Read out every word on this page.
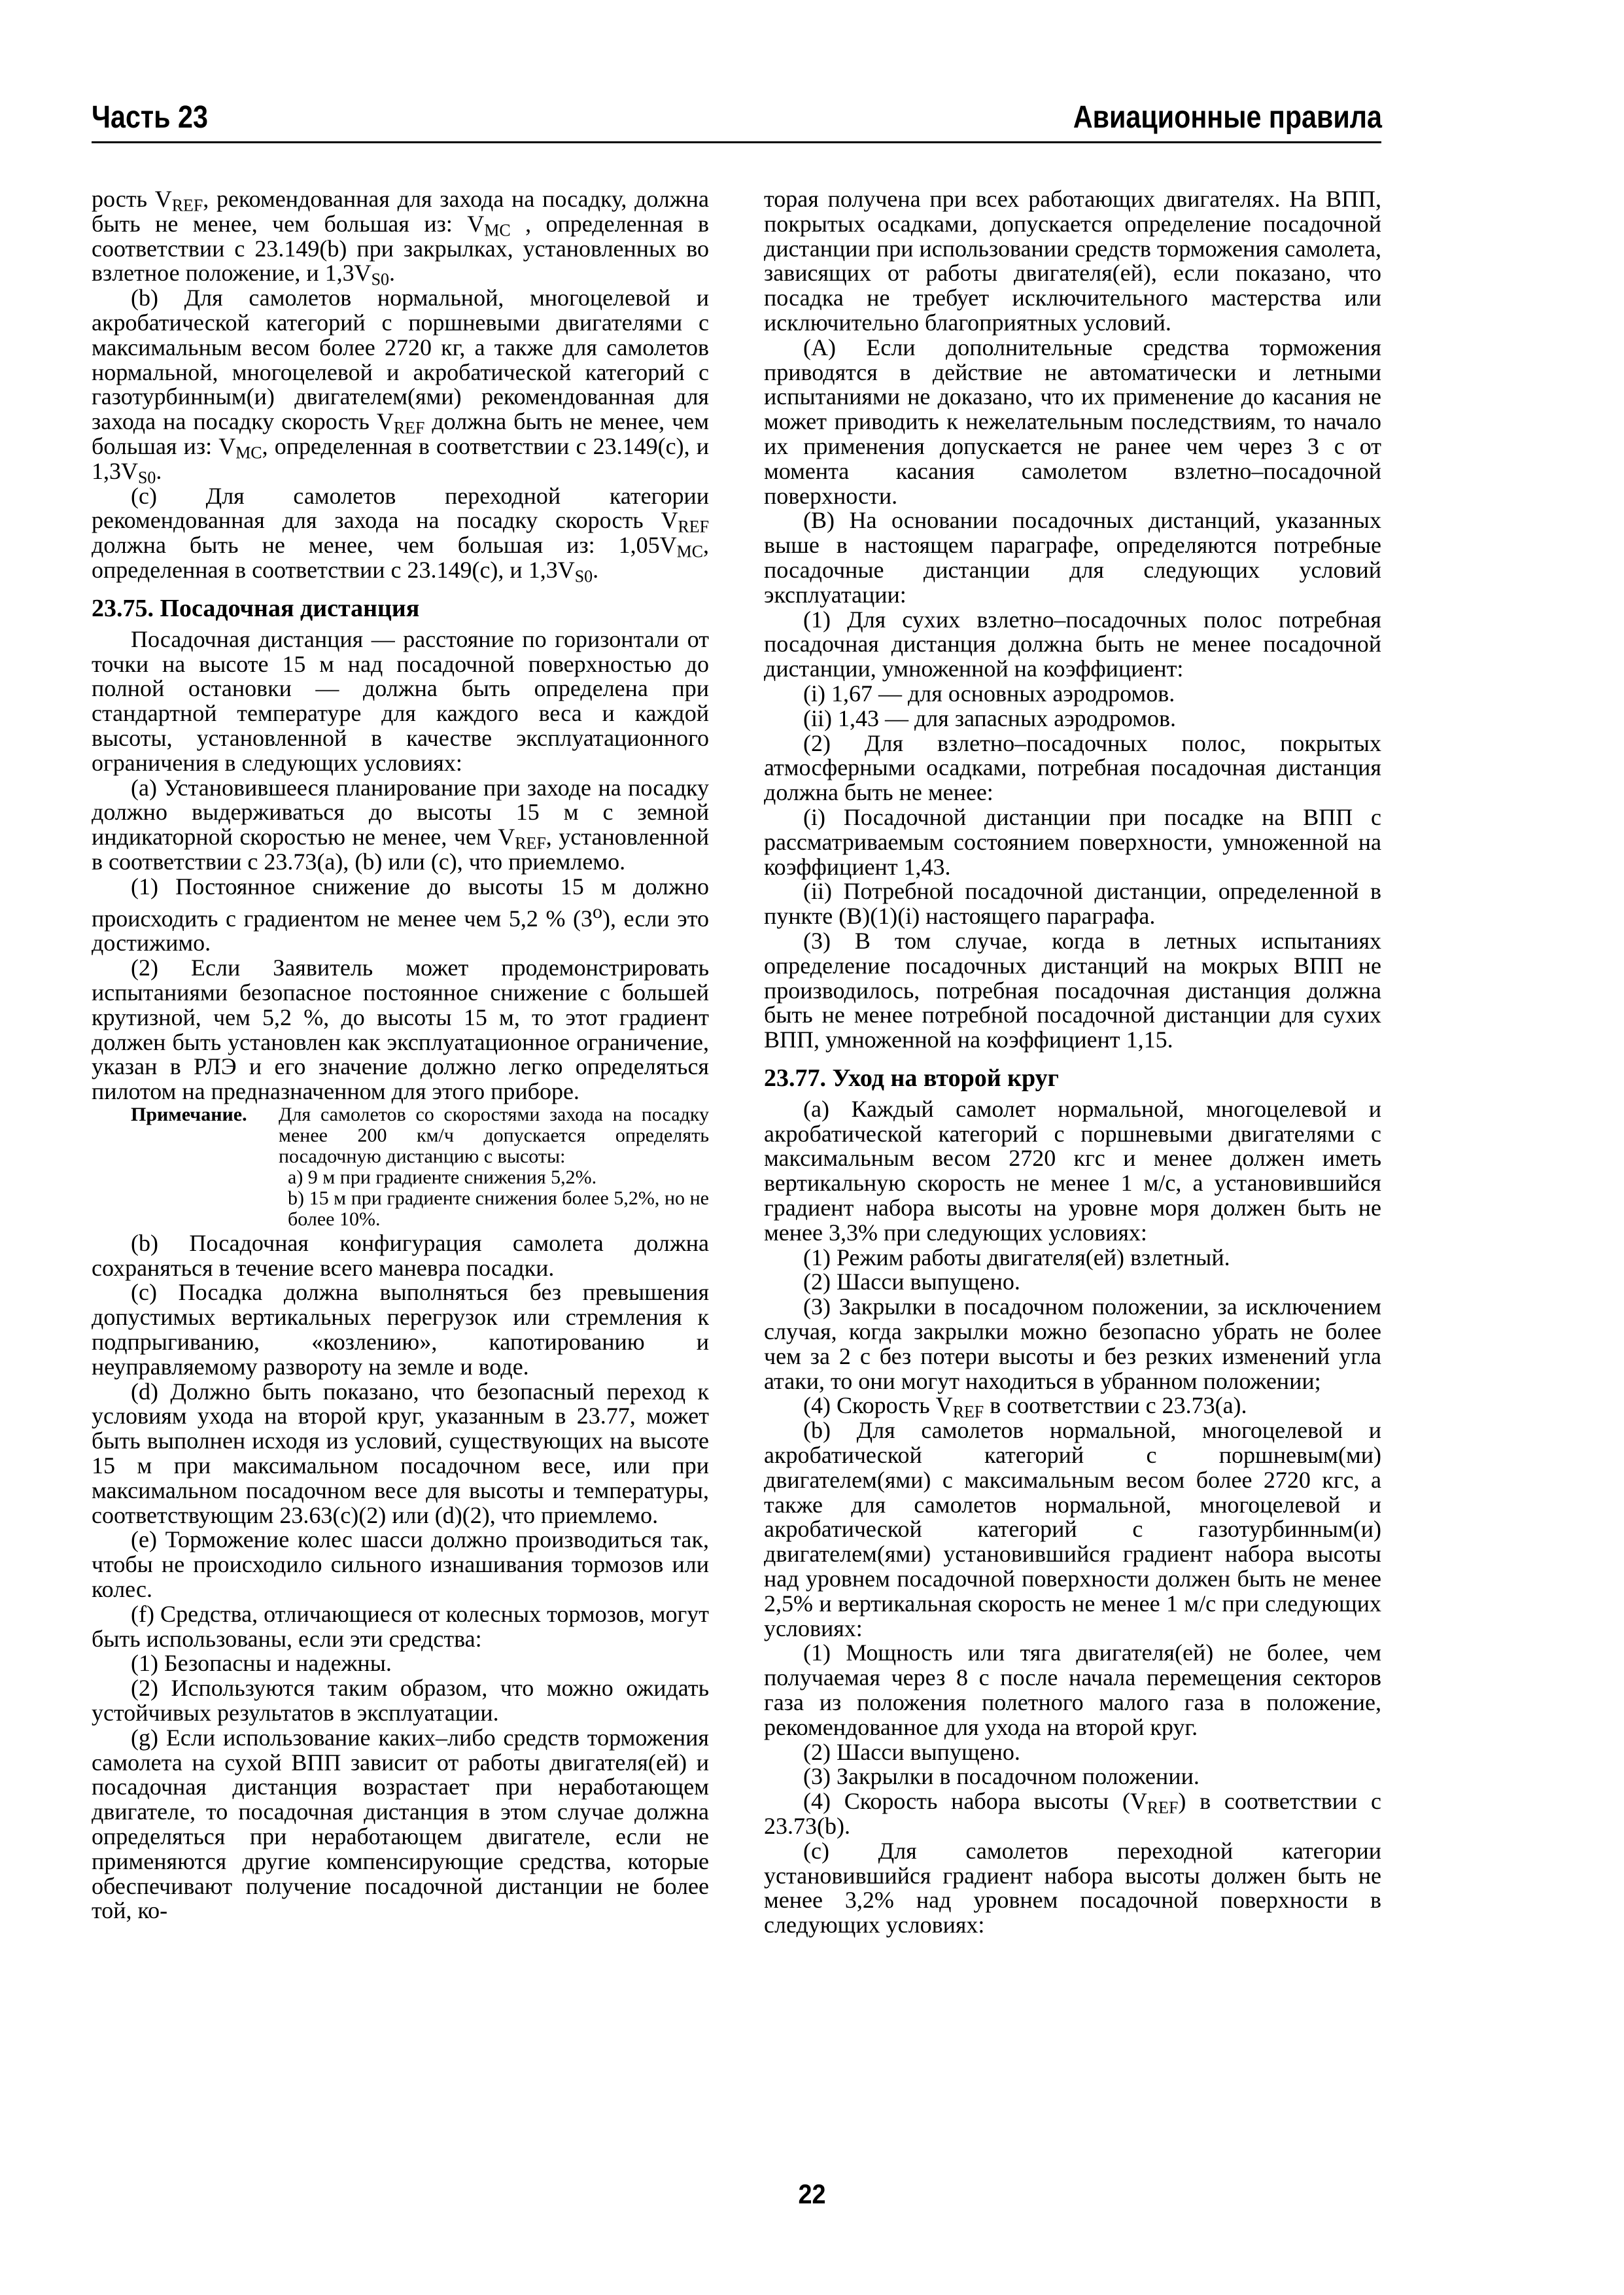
Часть 23	Авиационные правила

рость $V_{REF}$, рекомендованная для захода на посадку, должна быть не менее, чем большая из: $V_{MC}$ , определенная в соответствии с 23.149(b) при закрылках, установленных во взлетное положение, и $1,3V_{S0}$.

(b) Для самолетов нормальной, многоцелевой и акробатической категорий с поршневыми двигателями с максимальным весом более 2720 кг, а также для самолетов нормальной, многоцелевой и акробатической категорий с газотурбинным(и) двигателем(ями) рекомендованная для захода на посадку скорость $V_{REF}$ должна быть не менее, чем большая из: $V_{MC}$, определенная в соответствии с 23.149(с), и $1,3V_{S0}$.

(с) Для самолетов переходной категории рекомендованная для захода на посадку скорость $V_{REF}$ должна быть не менее, чем большая из: $1,05V_{MC}$, определенная в соответствии с 23.149(с), и $1,3V_{S0}$.

23.75. Посадочная дистанция

Посадочная дистанция — расстояние по горизонтали от точки на высоте 15 м над посадочной поверхностью до полной остановки — должна быть определена при стандартной температуре для каждого веса и каждой высоты, установленной в качестве эксплуатационного ограничения в следующих условиях:

(a) Установившееся планирование при заходе на посадку должно выдерживаться до высоты 15 м с земной индикаторной скоростью не менее, чем $V_{REF}$, установленной в соответствии с 23.73(a), (b) или (с), что приемлемо.

(1) Постоянное снижение до высоты 15 м должно происходить с градиентом не менее чем 5,2 % (3$^o$), если это достижимо.

(2) Если Заявитель может продемонстрировать испытаниями безопасное постоянное снижение с большей крутизной, чем 5,2 %, до высоты 15 м, то этот градиент должен быть установлен как эксплуатационное ограничение, указан в РЛЭ и его значение должно легко определяться пилотом на предназначенном для этого приборе.

Примечание.	Для самолетов со скоростями захода на посадку менее 200 км/ч допускается определять посадочную дистанцию с высоты:

a) 9 м при градиенте снижения 5,2%.

b) 15 м при градиенте снижения более 5,2%, но не более 10%.

(b) Посадочная конфигурация самолета должна сохраняться в течение всего маневра посадки.

(c) Посадка должна выполняться без превышения допустимых вертикальных перегрузок или стремления к подпрыгиванию, «козлению», капотированию и неуправляемому развороту на земле и воде.

(d) Должно быть показано, что безопасный переход к условиям ухода на второй круг, указанным в 23.77, может быть выполнен исходя из условий, существующих на высоте 15 м при максимальном посадочном весе, или при максимальном посадочном весе для высоты и температуры, соответствующим 23.63(c)(2) или (d)(2), что приемлемо.

(e) Торможение колес шасси должно производиться так, чтобы не происходило сильного изнашивания тормозов или колес.

(f) Средства, отличающиеся от колесных тормозов, могут быть использованы, если эти средства:

(1) Безопасны и надежны.

(2) Используются таким образом, что можно ожидать устойчивых результатов в эксплуатации.

(g) Если использование каких–либо средств торможения самолета на сухой ВПП зависит от работы двигателя(ей) и посадочная дистанция возрастает при неработающем двигателе, то посадочная дистанция в этом случае должна определяться при неработающем двигателе, если не применяются другие компенсирующие средства, которые обеспечивают получение посадочной дистанции не более той, ко-

торая получена при всех работающих двигателях. На ВПП, покрытых осадками, допускается определение посадочной дистанции при использовании средств торможения самолета, зависящих от работы двигателя(ей), если показано, что посадка не требует исключительного мастерства или исключительно благоприятных условий.

(A) Если дополнительные средства торможения приводятся в действие не автоматически и летными испытаниями не доказано, что их применение до касания не может приводить к нежелательным последствиям, то начало их применения допускается не ранее чем через 3 с от момента касания самолетом взлетно–посадочной поверхности.

(B) На основании посадочных дистанций, указанных выше в настоящем параграфе, определяются потребные посадочные дистанции для следующих условий эксплуатации:

(1) Для сухих взлетно–посадочных полос потребная посадочная дистанция должна быть не менее посадочной дистанции, умноженной на коэффициент:

(i) 1,67 — для основных аэродромов.

(ii) 1,43 — для запасных аэродромов.

(2) Для взлетно–посадочных полос, покрытых атмосферными осадками, потребная посадочная дистанция должна быть не менее:

(i) Посадочной дистанции при посадке на ВПП с рассматриваемым состоянием поверхности, умноженной на коэффициент 1,43.

(ii) Потребной посадочной дистанции, определенной в пункте (B)(1)(i) настоящего параграфа.

(3) В том случае, когда в летных испытаниях определение посадочных дистанций на мокрых ВПП не производилось, потребная посадочная дистанция должна быть не менее потребной посадочной дистанции для сухих ВПП, умноженной на коэффициент 1,15.

23.77. Уход на второй круг

(a) Каждый самолет нормальной, многоцелевой и акробатической категорий с поршневыми двигателями с максимальным весом 2720 кгс и менее должен иметь вертикальную скорость не менее 1 м/с, а установившийся градиент набора высоты на уровне моря должен быть не менее 3,3% при следующих условиях:

(1) Режим работы двигателя(ей) взлетный.

(2) Шасси выпущено.

(3) Закрылки в посадочном положении, за исключением случая, когда закрылки можно безопасно убрать не более чем за 2 с без потери высоты и без резких изменений угла атаки, то они могут находиться в убранном положении;

(4) Скорость $V_{REF}$ в соответствии с 23.73(a).

(b) Для самолетов нормальной, многоцелевой и акробатической категорий с поршневым(ми) двигателем(ями) с максимальным весом более 2720 кгс, а также для самолетов нормальной, многоцелевой и акробатической категорий с газотурбинным(и) двигателем(ями) установившийся градиент набора высоты над уровнем посадочной поверхности должен быть не менее 2,5% и вертикальная скорость не менее 1 м/с при следующих условиях:

(1) Мощность или тяга двигателя(ей) не более, чем получаемая через 8 с после начала перемещения секторов газа из положения полетного малого газа в положение, рекомендованное для ухода на второй круг.

(2) Шасси выпущено.

(3) Закрылки в посадочном положении.

(4) Скорость набора высоты $(V_{REF})$ в соответствии с 23.73(b).

(c) Для самолетов переходной категории установившийся градиент набора высоты должен быть не менее 3,2% над уровнем посадочной поверхности в следующих условиях:

22
